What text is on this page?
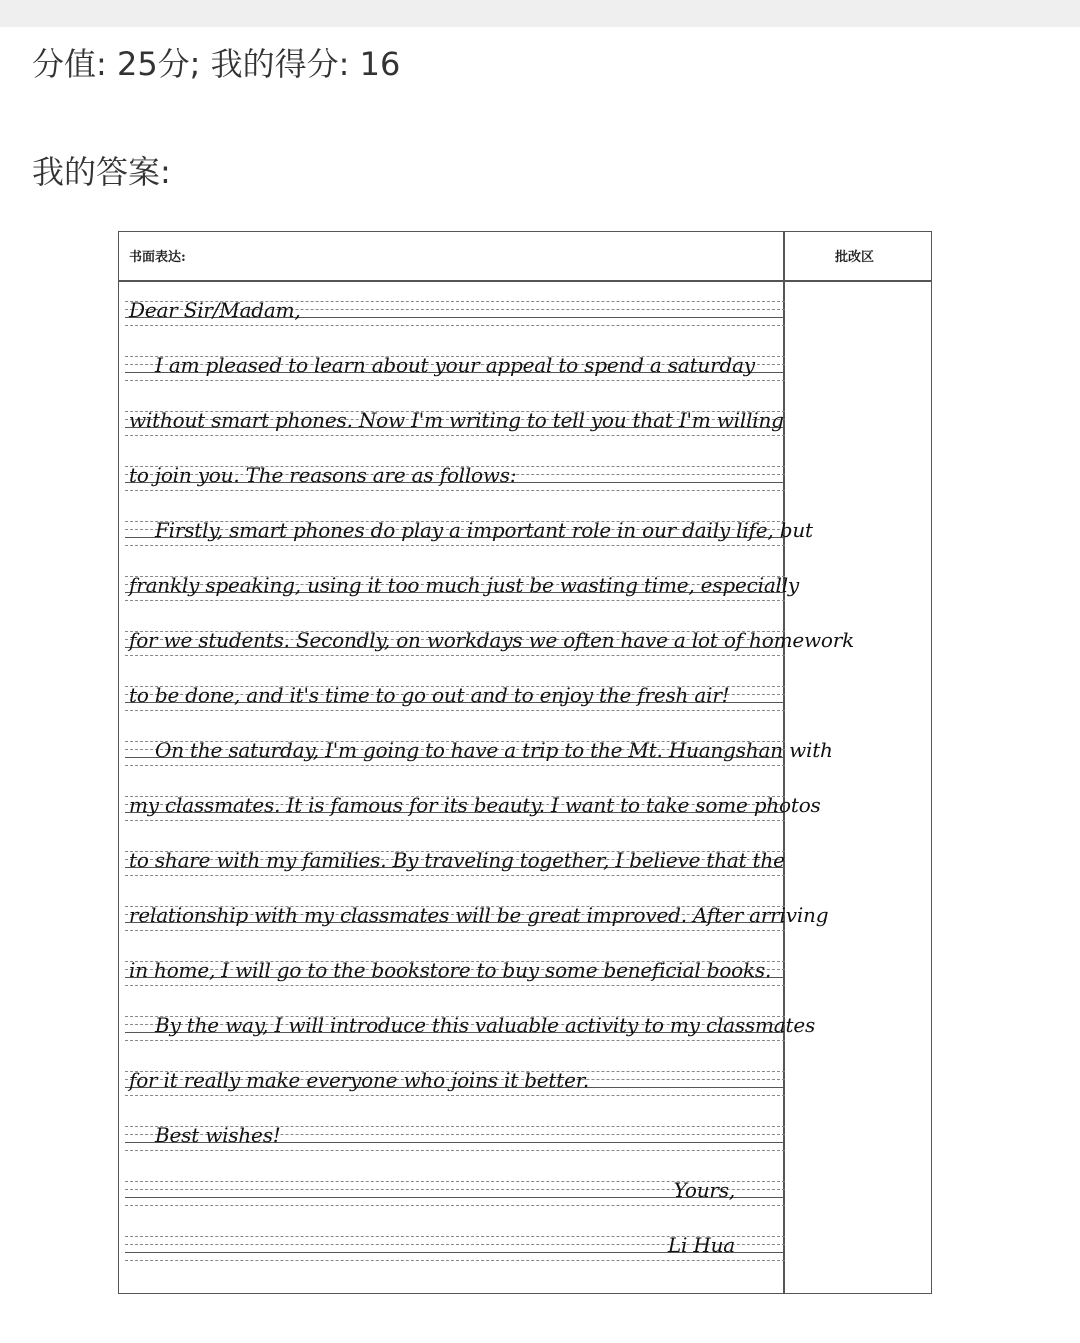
分值: 25分; 我的得分: 16
我的答案:
书面表达:	批改区
Dear Sir/Madam,
I am pleased to learn about your appeal to spend a saturday
without smart phones. Now I'm writing to tell you that I'm willing
to join you. The reasons are as follows:
Firstly, smart phones do play a important role in our daily life, but
frankly speaking, using it too much just be wasting time, especially
for we students. Secondly, on workdays we often have a lot of homework
to be done, and it's time to go out and to enjoy the fresh air!
On the saturday, I'm going to have a trip to the Mt. Huangshan with
my classmates. It is famous for its beauty. I want to take some photos
to share with my families. By traveling together, I believe that the
relationship with my classmates will be great improved. After arriving
in home, I will go to the bookstore to buy some beneficial books.
By the way, I will introduce this valuable activity to my classmates
for it really make everyone who joins it better.
Best wishes!
Yours,
Li Hua
